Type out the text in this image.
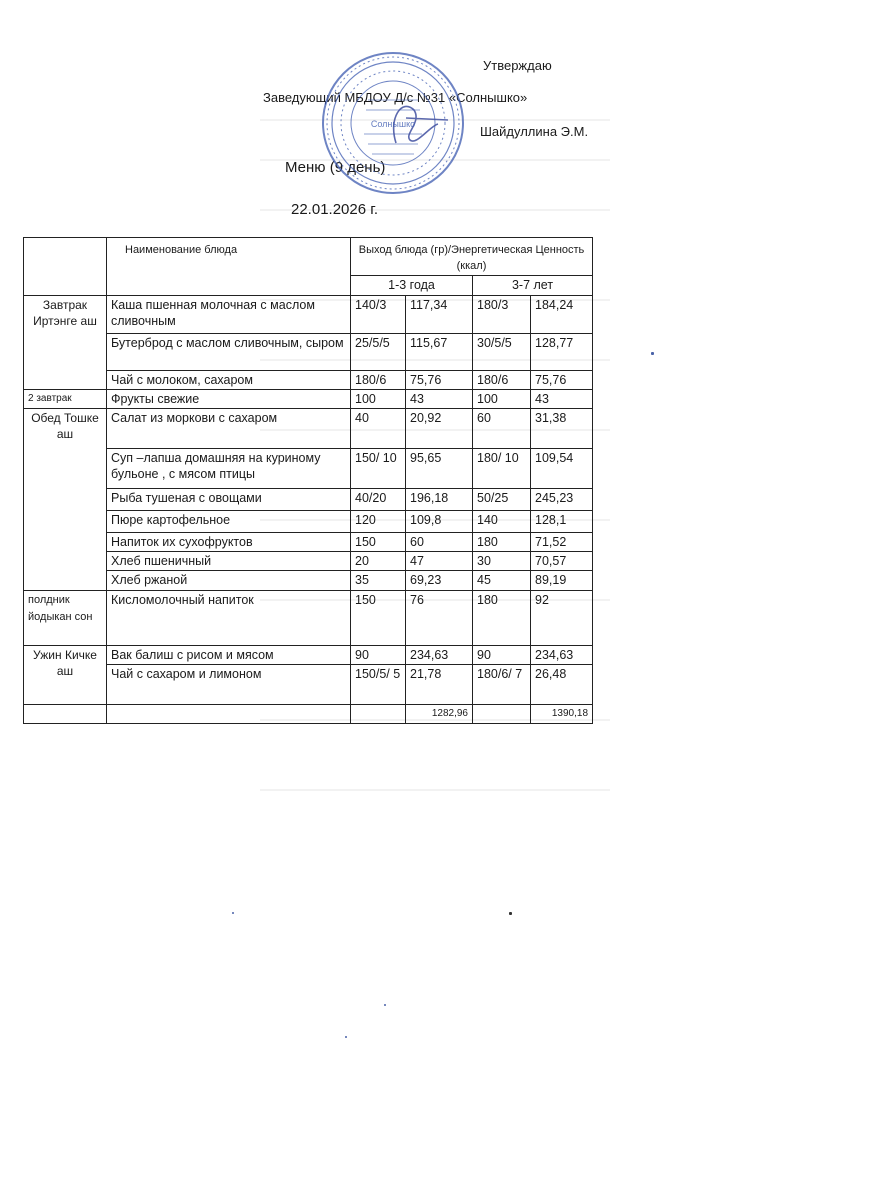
Утверждаю
Заведующий МБДОУ Д/с №31 «Солнышко»
Шайдуллина Э.М.
Меню (9 день)
22.01.2026 г.
Солнышко
	Наименование блюда	Выход блюда (гр)/Энергетическая Ценность (ккал)			
		1-3 года		3-7 лет	
Завтрак Иртэнге аш	Каша пшенная молочная с маслом сливочным	140/3	117,34	180/3	184,24
	Бутерброд с маслом сливочным, сыром	25/5/5	115,67	30/5/5	128,77
	Чай с молоком, сахаром	180/6	75,76	180/6	75,76
2 завтрак	Фрукты свежие	100	43	100	43
Обед Тошке аш	Салат из моркови с сахаром	40	20,92	60	31,38
	Суп –лапша домашняя на куриному бульоне , с мясом птицы	150/ 10	95,65	180/ 10	109,54
	Рыба тушеная с овощами	40/20	196,18	50/25	245,23
	Пюре картофельное	120	109,8	140	128,1
	Напиток их сухофруктов	150	60	180	71,52
	Хлеб пшеничный	20	47	30	70,57
	Хлеб ржаной	35	69,23	45	89,19
полдник йодыкан сон	Кисломолочный напиток	150	76	180	92
Ужин Кичке аш	Вак балиш с рисом и мясом	90	234,63	90	234,63
	Чай с сахаром и лимоном	150/5/ 5	21,78	180/6/ 7	26,48
			1282,96		1390,18
